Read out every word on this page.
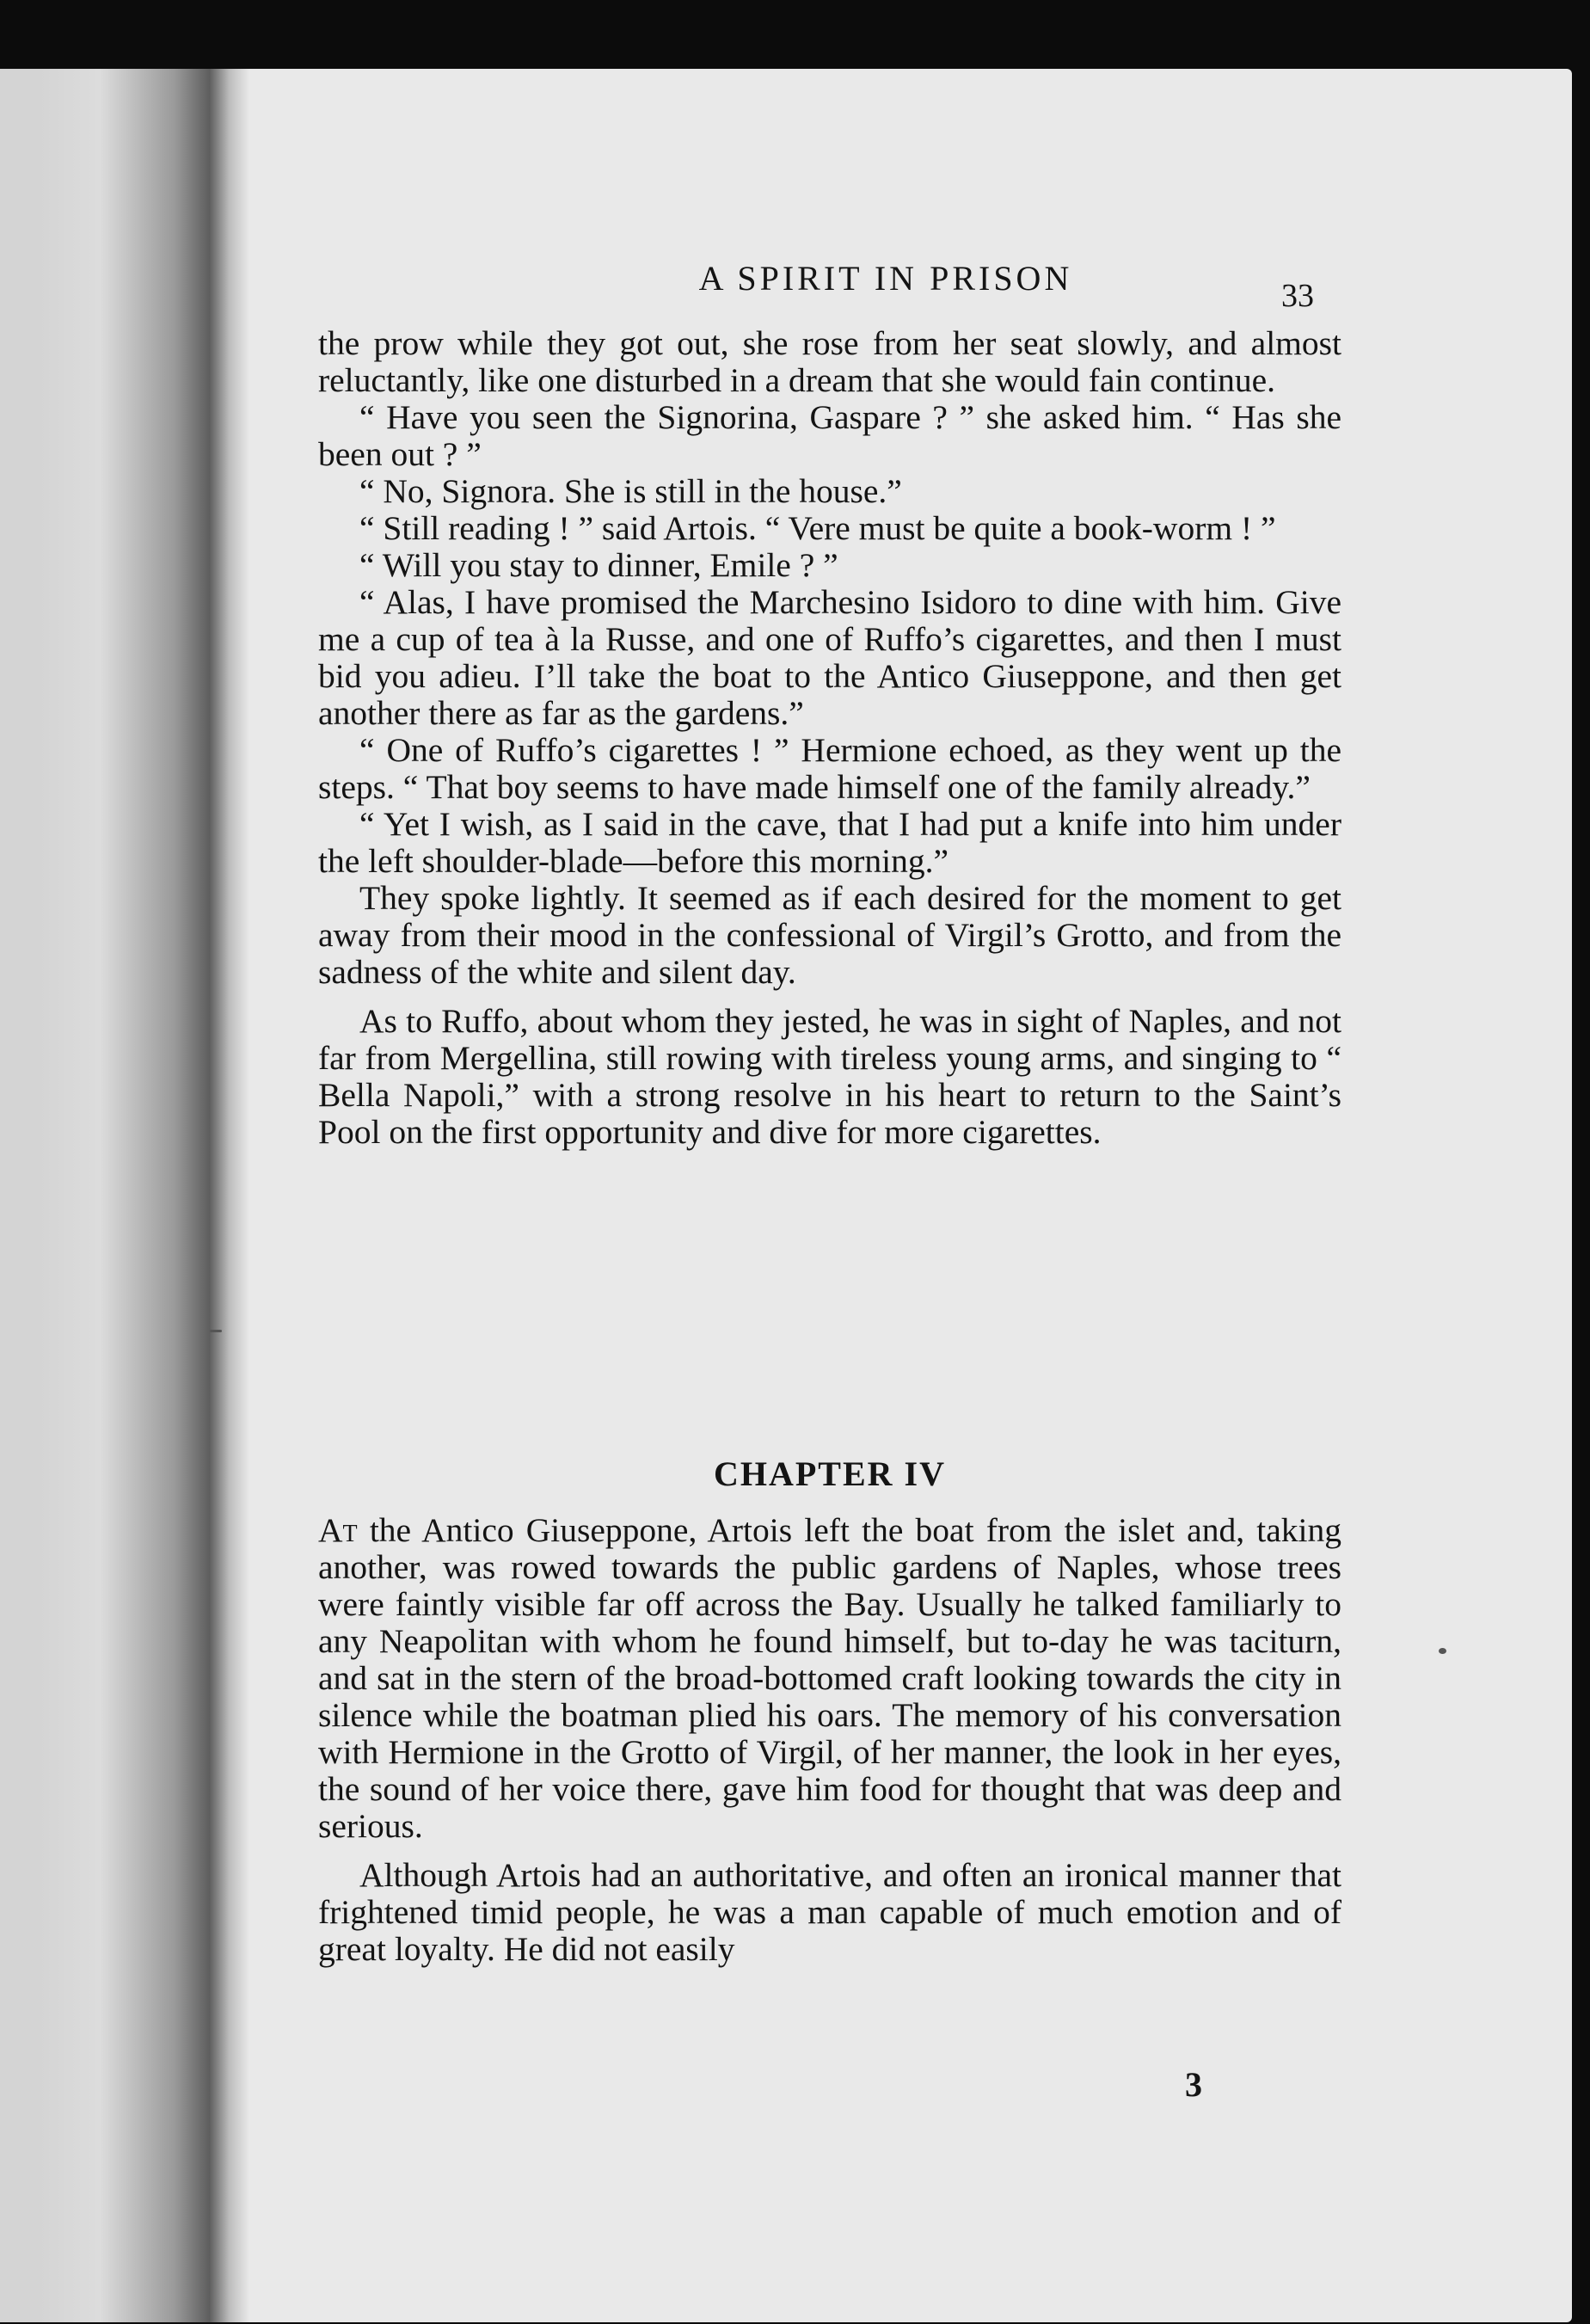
A SPIRIT IN PRISON	33

the prow while they got out, she rose from her seat slowly, and almost reluctantly, like one disturbed in a dream that she would fain continue.

“ Have you seen the Signorina, Gaspare ? ” she asked him. “ Has she been out ? ”

“ No, Signora. She is still in the house.”

“ Still reading ! ” said Artois. “ Vere must be quite a book-worm ! ”

“ Will you stay to dinner, Emile ? ”

“ Alas, I have promised the Marchesino Isidoro to dine with him. Give me a cup of tea à la Russe, and one of Ruffo’s cigarettes, and then I must bid you adieu. I’ll take the boat to the Antico Giuseppone, and then get another there as far as the gardens.”

“ One of Ruffo’s cigarettes ! ” Hermione echoed, as they went up the steps. “ That boy seems to have made himself one of the family already.”

“ Yet I wish, as I said in the cave, that I had put a knife into him under the left shoulder-blade—before this morning.”

They spoke lightly. It seemed as if each desired for the moment to get away from their mood in the confessional of Virgil’s Grotto, and from the sadness of the white and silent day.

As to Ruffo, about whom they jested, he was in sight of Naples, and not far from Mergellina, still rowing with tireless young arms, and singing to “ Bella Napoli,” with a strong resolve in his heart to return to the Saint’s Pool on the first opportunity and dive for more cigarettes.

CHAPTER IV

At the Antico Giuseppone, Artois left the boat from the islet and, taking another, was rowed towards the public gardens of Naples, whose trees were faintly visible far off across the Bay. Usually he talked familiarly to any Neapolitan with whom he found himself, but to-day he was taciturn, and sat in the stern of the broad-bottomed craft looking towards the city in silence while the boatman plied his oars. The memory of his conversation with Hermione in the Grotto of Virgil, of her manner, the look in her eyes, the sound of her voice there, gave him food for thought that was deep and serious.

Although Artois had an authoritative, and often an ironical manner that frightened timid people, he was a man capable of much emotion and of great loyalty. He did not easily

3
